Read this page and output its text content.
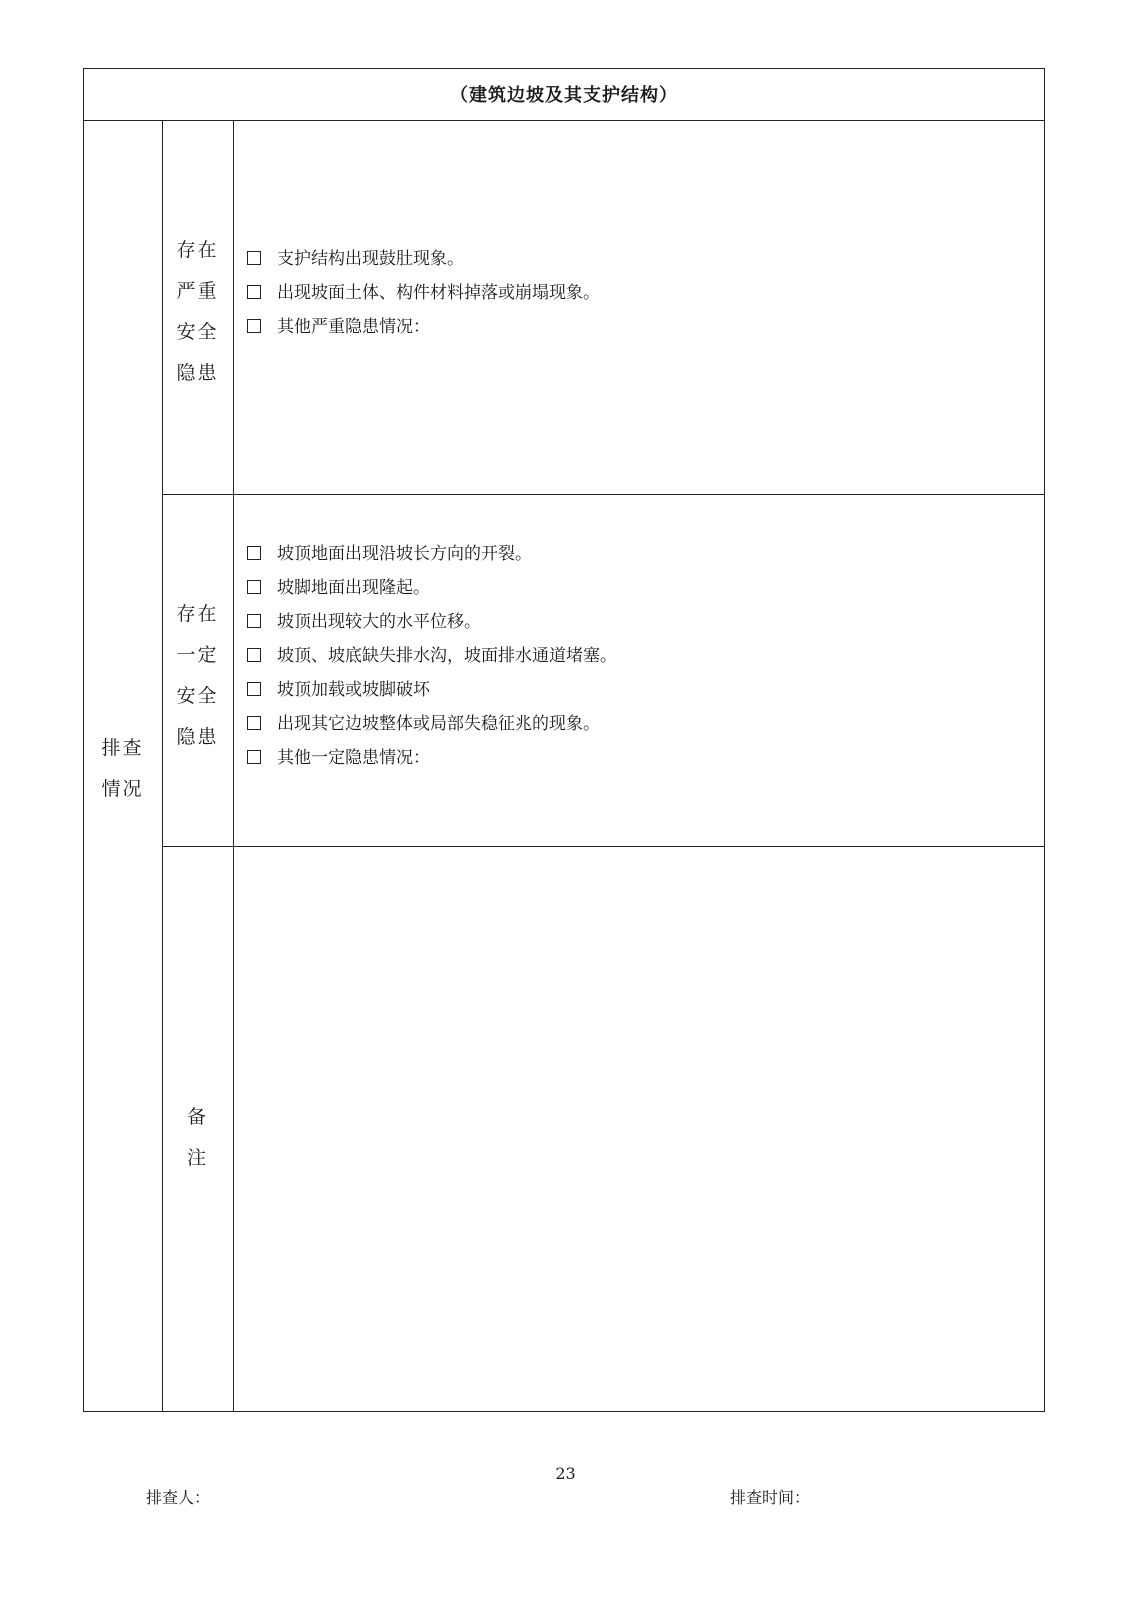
（建筑边坡及其支护结构）
排查
情况
存在
严重
安全
隐患
支护结构出现鼓肚现象。
出现坡面土体、构件材料掉落或崩塌现象。
其他严重隐患情况：
存在
一定
安全
隐患
坡顶地面出现沿坡长方向的开裂。
坡脚地面出现隆起。
坡顶出现较大的水平位移。
坡顶、坡底缺失排水沟，坡面排水通道堵塞。
坡顶加载或坡脚破坏
出现其它边坡整体或局部失稳征兆的现象。
其他一定隐患情况：
备
注
23
排查人：	排查时间：
